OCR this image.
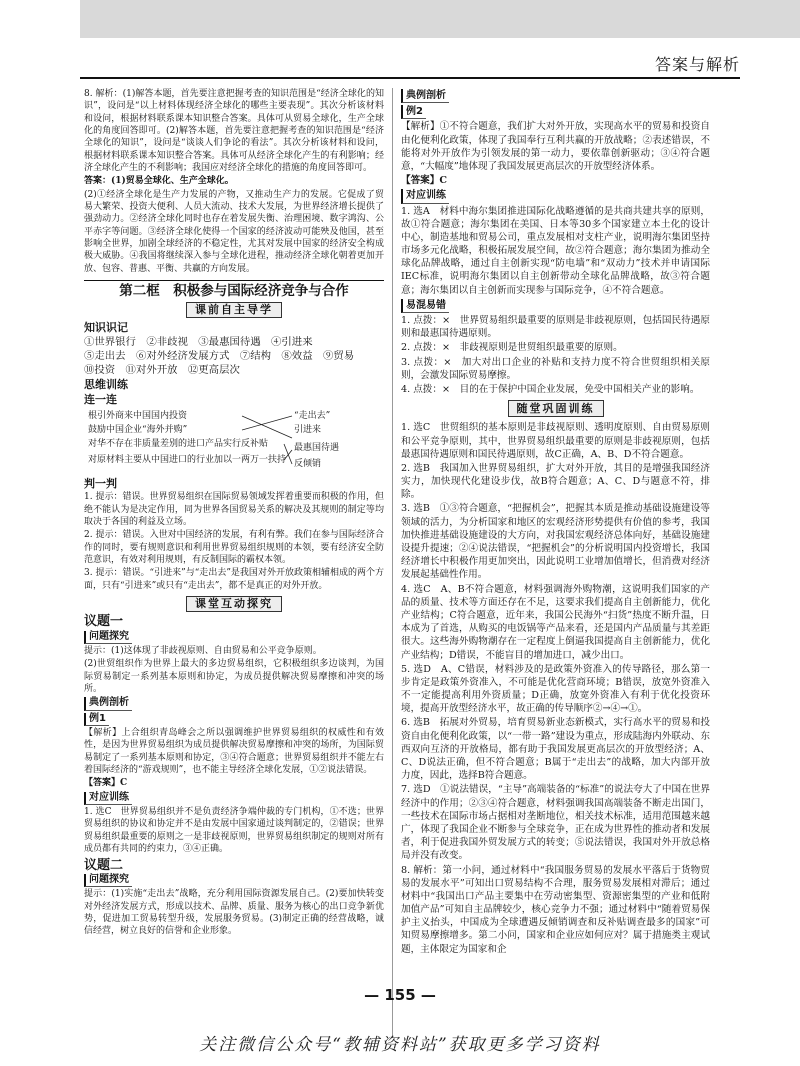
答案与解析

8. 解析：(1)解答本题，首先要注意把握考查的知识范围是“经济全球化的知识”，设问是“以上材料体现经济全球化的哪些主要表现”。其次分析该材料和设问，根据材料联系课本知识整合答案。具体可从贸易全球化，生产全球化的角度回答即可。(2)解答本题，首先要注意把握考查的知识范围是“经济全球化的知识”，设问是“谈谈人们争论的看法”。其次分析该材料和设问，根据材料联系课本知识整合答案。具体可从经济全球化产生的有利影响；经济全球化产生的不利影响；我国应对经济全球化的措施的角度回答即可。

答案：(1)贸易全球化、生产全球化。

(2)①经济全球化是生产力发展的产物，又推动生产力的发展。它促成了贸易大繁荣、投资大便利、人员大流动、技术大发展，为世界经济增长提供了强劲动力。②经济全球化同时也存在着发展失衡、治理困境、数字鸿沟、公平赤字等问题。③经济全球化使得一个国家的经济波动可能殃及他国，甚至影响全世界，加剧全球经济的不稳定性，尤其对发展中国家的经济安全构成极大威胁。④我国将继续深入参与全球化进程，推动经济全球化朝着更加开放、包容、普惠、平衡、共赢的方向发展。

第二框　积极参与国际经济竞争与合作
课前自主导学
知识识记
①世界银行　②非歧视　③最惠国待遇　④引进来
⑤走出去　⑥对外经济发展方式　⑦结构　⑧效益　⑨贸易
⑩投资　⑪对外开放　⑫更高层次
思维训练
连一连
根引外商来中国国内投资
鼓励中国企业“海外并购”
对华不存在非质量差别的进口产品实行反补贴
对原材料主要从中国进口的行业加以一两万一扶持
“走出去”
引进来
最惠国待遇
反倾销
判一判

1. 提示：错误。世界贸易组织在国际贸易领域发挥着重要而积极的作用，但绝不能认为是决定作用，同为世界各国贸易关系的解决及其规则的制定等均取决于各国的利益及立场。

2. 提示：错误。入世对中国经济的发展，有利有弊。我们在参与国际经济合作的同时，要有规则意识和利用世界贸易组织规则的本领，要有经济安全防范意识，有效对利用规则，有反制国际的霸权本领。

3. 提示：错误。“引进来”与“走出去”是我国对外开放政策相辅相成的两个方面，只有“引进来”或只有“走出去”，都不是真正的对外开放。

课堂互动探究
议题一
问题探究

提示：(1)这体现了非歧视原则、自由贸易和公平竞争原则。

(2)世贸组织作为世界上最大的多边贸易组织，它积极组织多边谈判，为国际贸易制定一系列基本原则和协定，为成员提供解决贸易摩擦和冲突的场所。

典例剖析
例1

【解析】上合组织青岛峰会之所以强调维护世界贸易组织的权威性和有效性，是因为世界贸易组织为成员提供解决贸易摩擦和冲突的场所，为国际贸易制定了一系列基本原则和协定，③④符合题意；世界贸易组织并不能左右着国际经济的“游戏规则”，也不能主导经济全球化发展，①②说法错误。

【答案】C

对应训练

1. 选C　世界贸易组织并不是负责经济争端仲裁的专门机构，①不选；世界贸易组织的协议和协定并不是由发展中国家通过谈判制定的，②错误；世界贸易组织最重要的原则之一是非歧视原则，世界贸易组织制定的规则对所有成员都有共同的约束力，③④正确。

议题二
问题探究

提示：(1)实施“走出去”战略，充分利用国际资源发展自己。(2)要加快转变对外经济发展方式，形成以技术、品牌、质量、服务为核心的出口竞争新优势，促进加工贸易转型升级，发展服务贸易。(3)制定正确的经营战略，诚信经营，树立良好的信誉和企业形象。

典例剖析
例2

【解析】①不符合题意，我们扩大对外开放，实现高水平的贸易和投资自由化便利化政策，体现了我国奉行互利共赢的开放战略；②表述错误，不能将对外开放作为引领发展的第一动力，要依靠创新驱动；③④符合题意，“大幅度”地体现了我国发展更高层次的开放型经济体系。

【答案】C

对应训练

1. 选A　材料中海尔集团推进国际化战略遵循的是共商共建共享的原则，故①符合题意；海尔集团在美国、日本等30多个国家建立本土化的设计中心，制造基地和贸易公司，重点发展相对支柱产业，说明海尔集团坚持市场多元化战略，积极拓展发展空间，故②符合题意；海尔集团为推动全球化品牌战略，通过自主创新实现“防电墙”和“双动力”技术并申请国际IEC标准，说明海尔集团以自主创新带动全球化品牌战略，故③符合题意；海尔集团以自主创新而实现参与国际竞争，④不符合题意。

易混易错

1. 点拨：×　世界贸易组织最重要的原则是非歧视原则，包括国民待遇原则和最惠国待遇原则。

2. 点拨：×　非歧视原则是世贸组织最重要的原则。

3. 点拨：×　加大对出口企业的补贴和支持力度不符合世贸组织相关原则，会激发国际贸易摩擦。

4. 点拨：×　目的在于保护中国企业发展，免受中国相关产业的影响。

随堂巩固训练

1. 选C　世贸组织的基本原则是非歧视原则、透明度原则、自由贸易原则和公平竞争原则，其中，世界贸易组织最重要的原则是非歧视原则，包括最惠国待遇原则和国民待遇原则，故C正确，A、B、D不符合题意。

2. 选B　我国加入世界贸易组织，扩大对外开放，其目的是增强我国经济实力，加快现代化建设步伐，故B符合题意；A、C、D与题意不符，排除。

3. 选B　①③符合题意，“把握机会”，把握其本质是推动基础设施建设等领域的活力，为分析国家和地区的宏观经济形势提供有价值的参考，我国加快推进基础设施建设的大方向，对我国宏观经济总体向好，基础设施建设提升提速；②④说法错误，“把握机会”的分析说明国内投资增长，我国经济增长中积极作用更加突出，因此说明工业增加值增长，但消费对经济发展起基础性作用。

4. 选C　A、B不符合题意，材料强调海外购物潮，这说明我们国家的产品的质量、技术等方面还存在不足，这要求我们提高自主创新能力，优化产业结构；C符合题意，近年来，我国公民海外“扫货”热度不断升温，日本成为了首选，从购买的电饭锅等产品来看，还是国内产品质量与其差距很大。这些海外购物潮存在一定程度上倒逼我国提高自主创新能力，优化产业结构；D错误，不能盲目的增加进口，减少出口。

5. 选D　A、C错误，材料涉及的是政策外资准入的传导路径，那么第一步肯定是政策外资准入，不可能是优化营商环境；B错误，放宽外资准入不一定能提高利用外资质量；D正确，放宽外资准入有利于优化投资环境，提高开放型经济水平，故正确的传导顺序②→④→①。

6. 选B　拓展对外贸易，培育贸易新业态新模式，实行高水平的贸易和投资自由化便利化政策，以“一带一路”建设为重点，形成陆海内外联动、东西双向互济的开放格局，都有助于我国发展更高层次的开放型经济；A、C、D说法正确，但不符合题意；B属于“走出去”的战略，加大内部开放力度，因此，选择B符合题意。

7. 选D　①说法错误，“主导”高端装备的“标准”的说法夸大了中国在世界经济中的作用；②③④符合题意，材料强调我国高端装备不断走出国门，一些技术在国际市场占据相对垄断地位，相关技术标准，适用范围越来越广，体现了我国企业不断参与全球竞争，正在成为世界性的推动者和发展者，利于促进我国外贸发展方式的转变；⑤说法错误，我国对外开放总格局并没有改变。

8. 解析：第一小问，通过材料中“我国服务贸易的发展水平落后于货物贸易的发展水平”可知出口贸易结构不合理，服务贸易发展相对滞后；通过材料中“我国出口产品主要集中在劳动密集型、资源密集型的产业和低附加值产品”可知自主品牌较少，核心竞争力不强；通过材料中“随着贸易保护主义抬头，中国成为全球遭遇反倾销调查和反补贴调查最多的国家”可知贸易摩擦增多。第二小问，国家和企业应如何应对？属于措施类主观试题，主体限定为国家和企

— 155 —
关注微信公众号“教辅资料站”获取更多学习资料
